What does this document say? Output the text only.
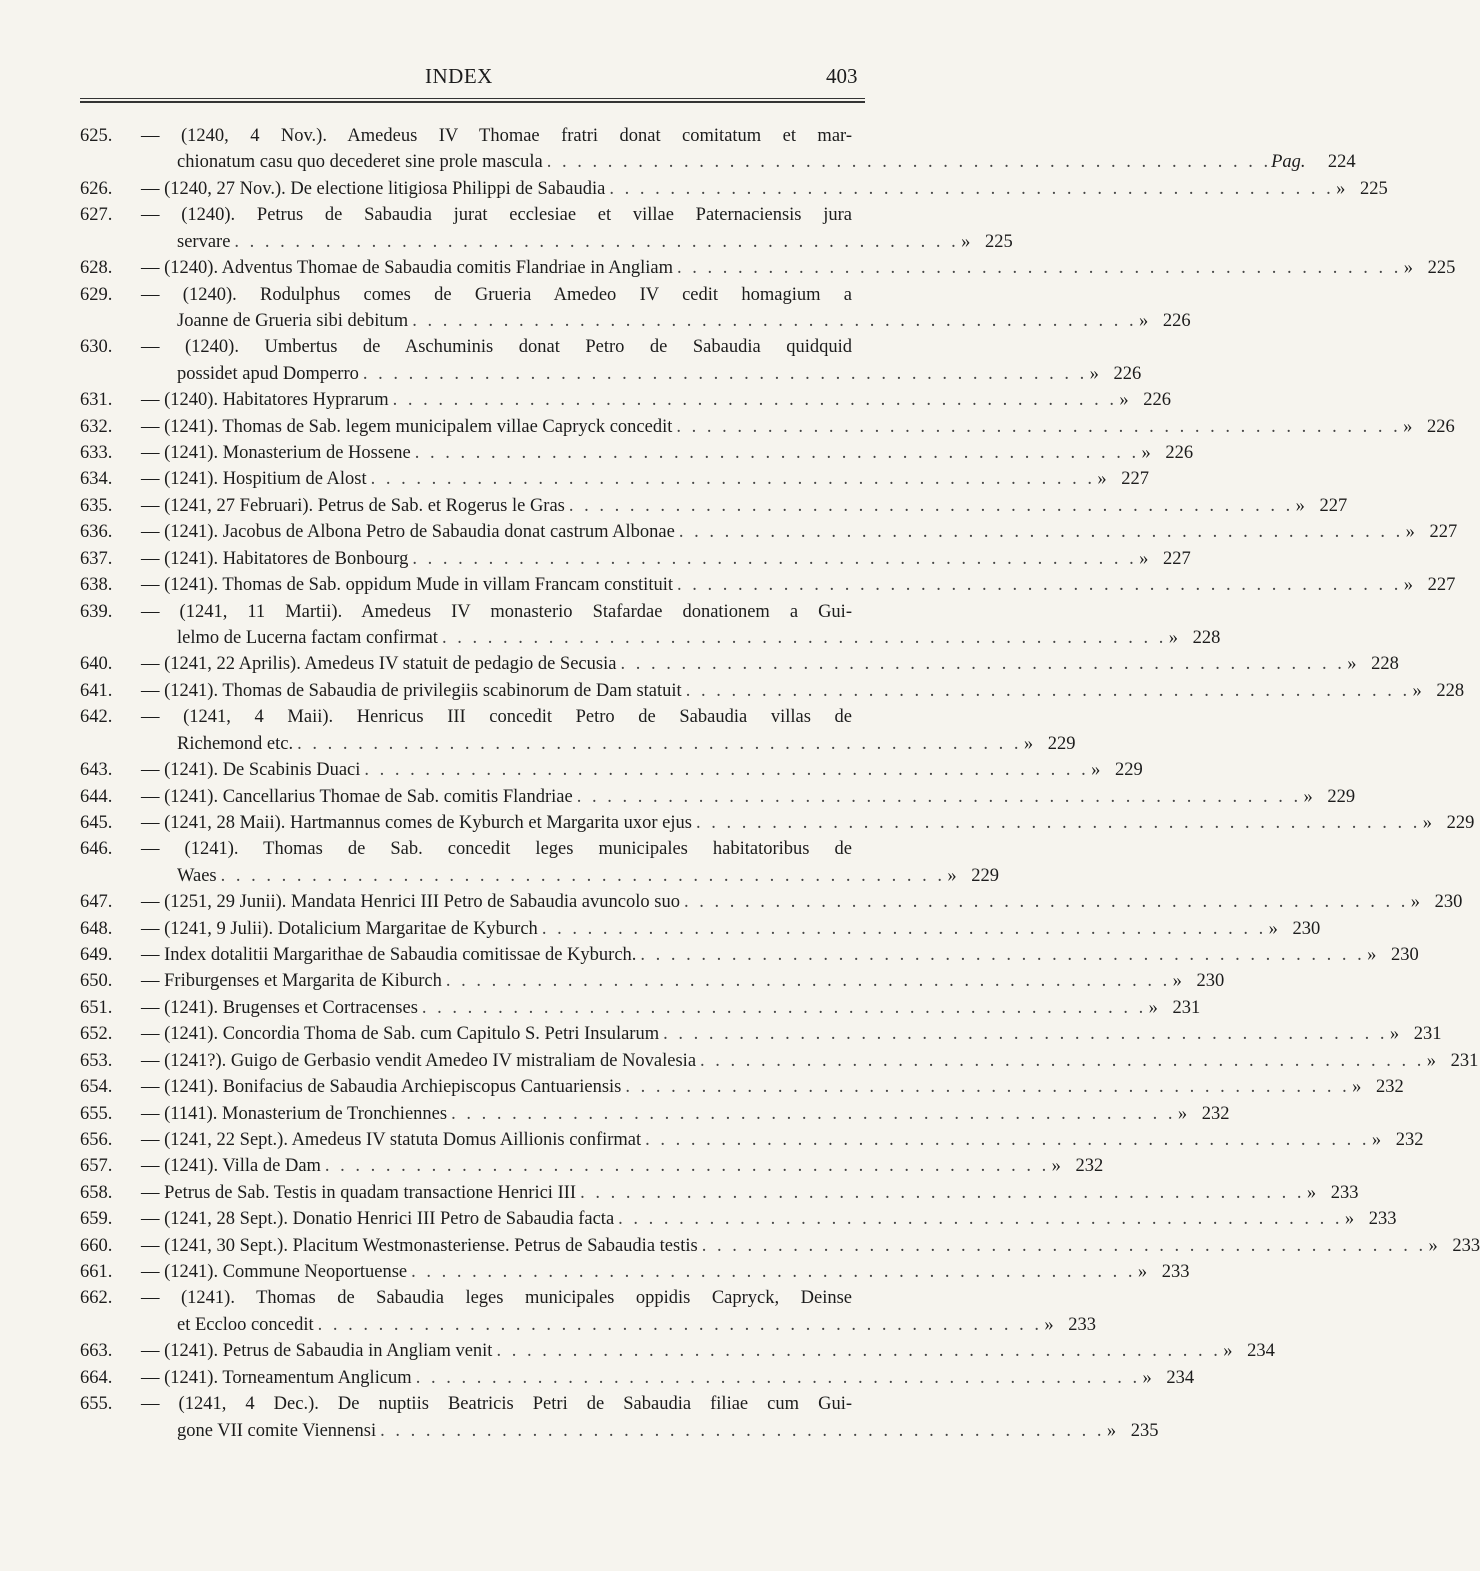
INDEX	403
625. — (1240, 4 Nov.). Amedeus IV Thomae fratri donat comitatum et mar-
chionatum casu quo decederet sine prole mascula . . .	Pag.	224
626. — (1240, 27 Nov.). De electione litigiosa Philippi de Sabaudia . . .	» 225
627. — (1240). Petrus de Sabaudia jurat ecclesiae et villae Paternaciensis jura
servare . . .	» 225
628. — (1240). Adventus Thomae de Sabaudia comitis Flandriae in Angliam . . .	» 225
629. — (1240). Rodulphus comes de Grueria Amedeo IV cedit homagium a
Joanne de Grueria sibi debitum . . .	» 226
630. — (1240). Umbertus de Aschuminis donat Petro de Sabaudia quidquid
possidet apud Domperro . . .	» 226
631. — (1240). Habitatores Hyprarum . . .	» 226
632. — (1241). Thomas de Sab. legem municipalem villae Capryck concedit . . .	» 226
633. — (1241). Monasterium de Hossene . . .	» 226
634. — (1241). Hospitium de Alost . . .	» 227
635. — (1241, 27 Februari). Petrus de Sab. et Rogerus le Gras . . .	» 227
636. — (1241). Jacobus de Albona Petro de Sabaudia donat castrum Albonae . . .	» 227
637. — (1241). Habitatores de Bonbourg . . .	» 227
638. — (1241). Thomas de Sab. oppidum Mude in villam Francam constituit . . .	» 227
639. — (1241, 11 Martii). Amedeus IV monasterio Stafardae donationem a Gui-
lelmo de Lucerna factam confirmat . . .	» 228
640. — (1241, 22 Aprilis). Amedeus IV statuit de pedagio de Secusia . . .	» 228
641. — (1241). Thomas de Sabaudia de privilegiis scabinorum de Dam statuit . . .	» 228
642. — (1241, 4 Maii). Henricus III concedit Petro de Sabaudia villas de
Richemond etc. . . .	» 229
643. — (1241). De Scabinis Duaci . . .	» 229
644. — (1241). Cancellarius Thomae de Sab. comitis Flandriae . . .	» 229
645. — (1241, 28 Maii). Hartmannus comes de Kyburch et Margarita uxor ejus . . .	» 229
646. — (1241). Thomas de Sab. concedit leges municipales habitatoribus de
Waes . . .	» 229
647. — (1251, 29 Junii). Mandata Henrici III Petro de Sabaudia avuncolo suo . . .	» 230
648. — (1241, 9 Julii). Dotalicium Margaritae de Kyburch . . .	» 230
649. — Index dotalitii Margarithae de Sabaudia comitissae de Kyburch. . . .	» 230
650. — Friburgenses et Margarita de Kiburch . . .	» 230
651. — (1241). Brugenses et Cortracenses . . .	» 231
652. — (1241). Concordia Thoma de Sab. cum Capitulo S. Petri Insularum . . .	» 231
653. — (1241?). Guigo de Gerbasio vendit Amedeo IV mistraliam de Novalesia . . .	» 231
654. — (1241). Bonifacius de Sabaudia Archiepiscopus Cantuariensis . . .	» 232
655. — (1141). Monasterium de Tronchiennes . . .	» 232
656. — (1241, 22 Sept.). Amedeus IV statuta Domus Aillionis confirmat . . .	» 232
657. — (1241). Villa de Dam . . .	» 232
658. — Petrus de Sab. Testis in quadam transactione Henrici III . . .	» 233
659. — (1241, 28 Sept.). Donatio Henrici III Petro de Sabaudia facta . . .	» 233
660. — (1241, 30 Sept.). Placitum Westmonasteriense. Petrus de Sabaudia testis . . .	» 233
661. — (1241). Commune Neoportuense . . .	» 233
662. — (1241). Thomas de Sabaudia leges municipales oppidis Capryck, Deinse
et Eccloo concedit . . .	» 233
663. — (1241). Petrus de Sabaudia in Angliam venit . . .	» 234
664. — (1241). Torneamentum Anglicum . . .	» 234
655. — (1241, 4 Dec.). De nuptiis Beatricis Petri de Sabaudia filiae cum Gui-
gone VII comite Viennensi . . .	» 235
